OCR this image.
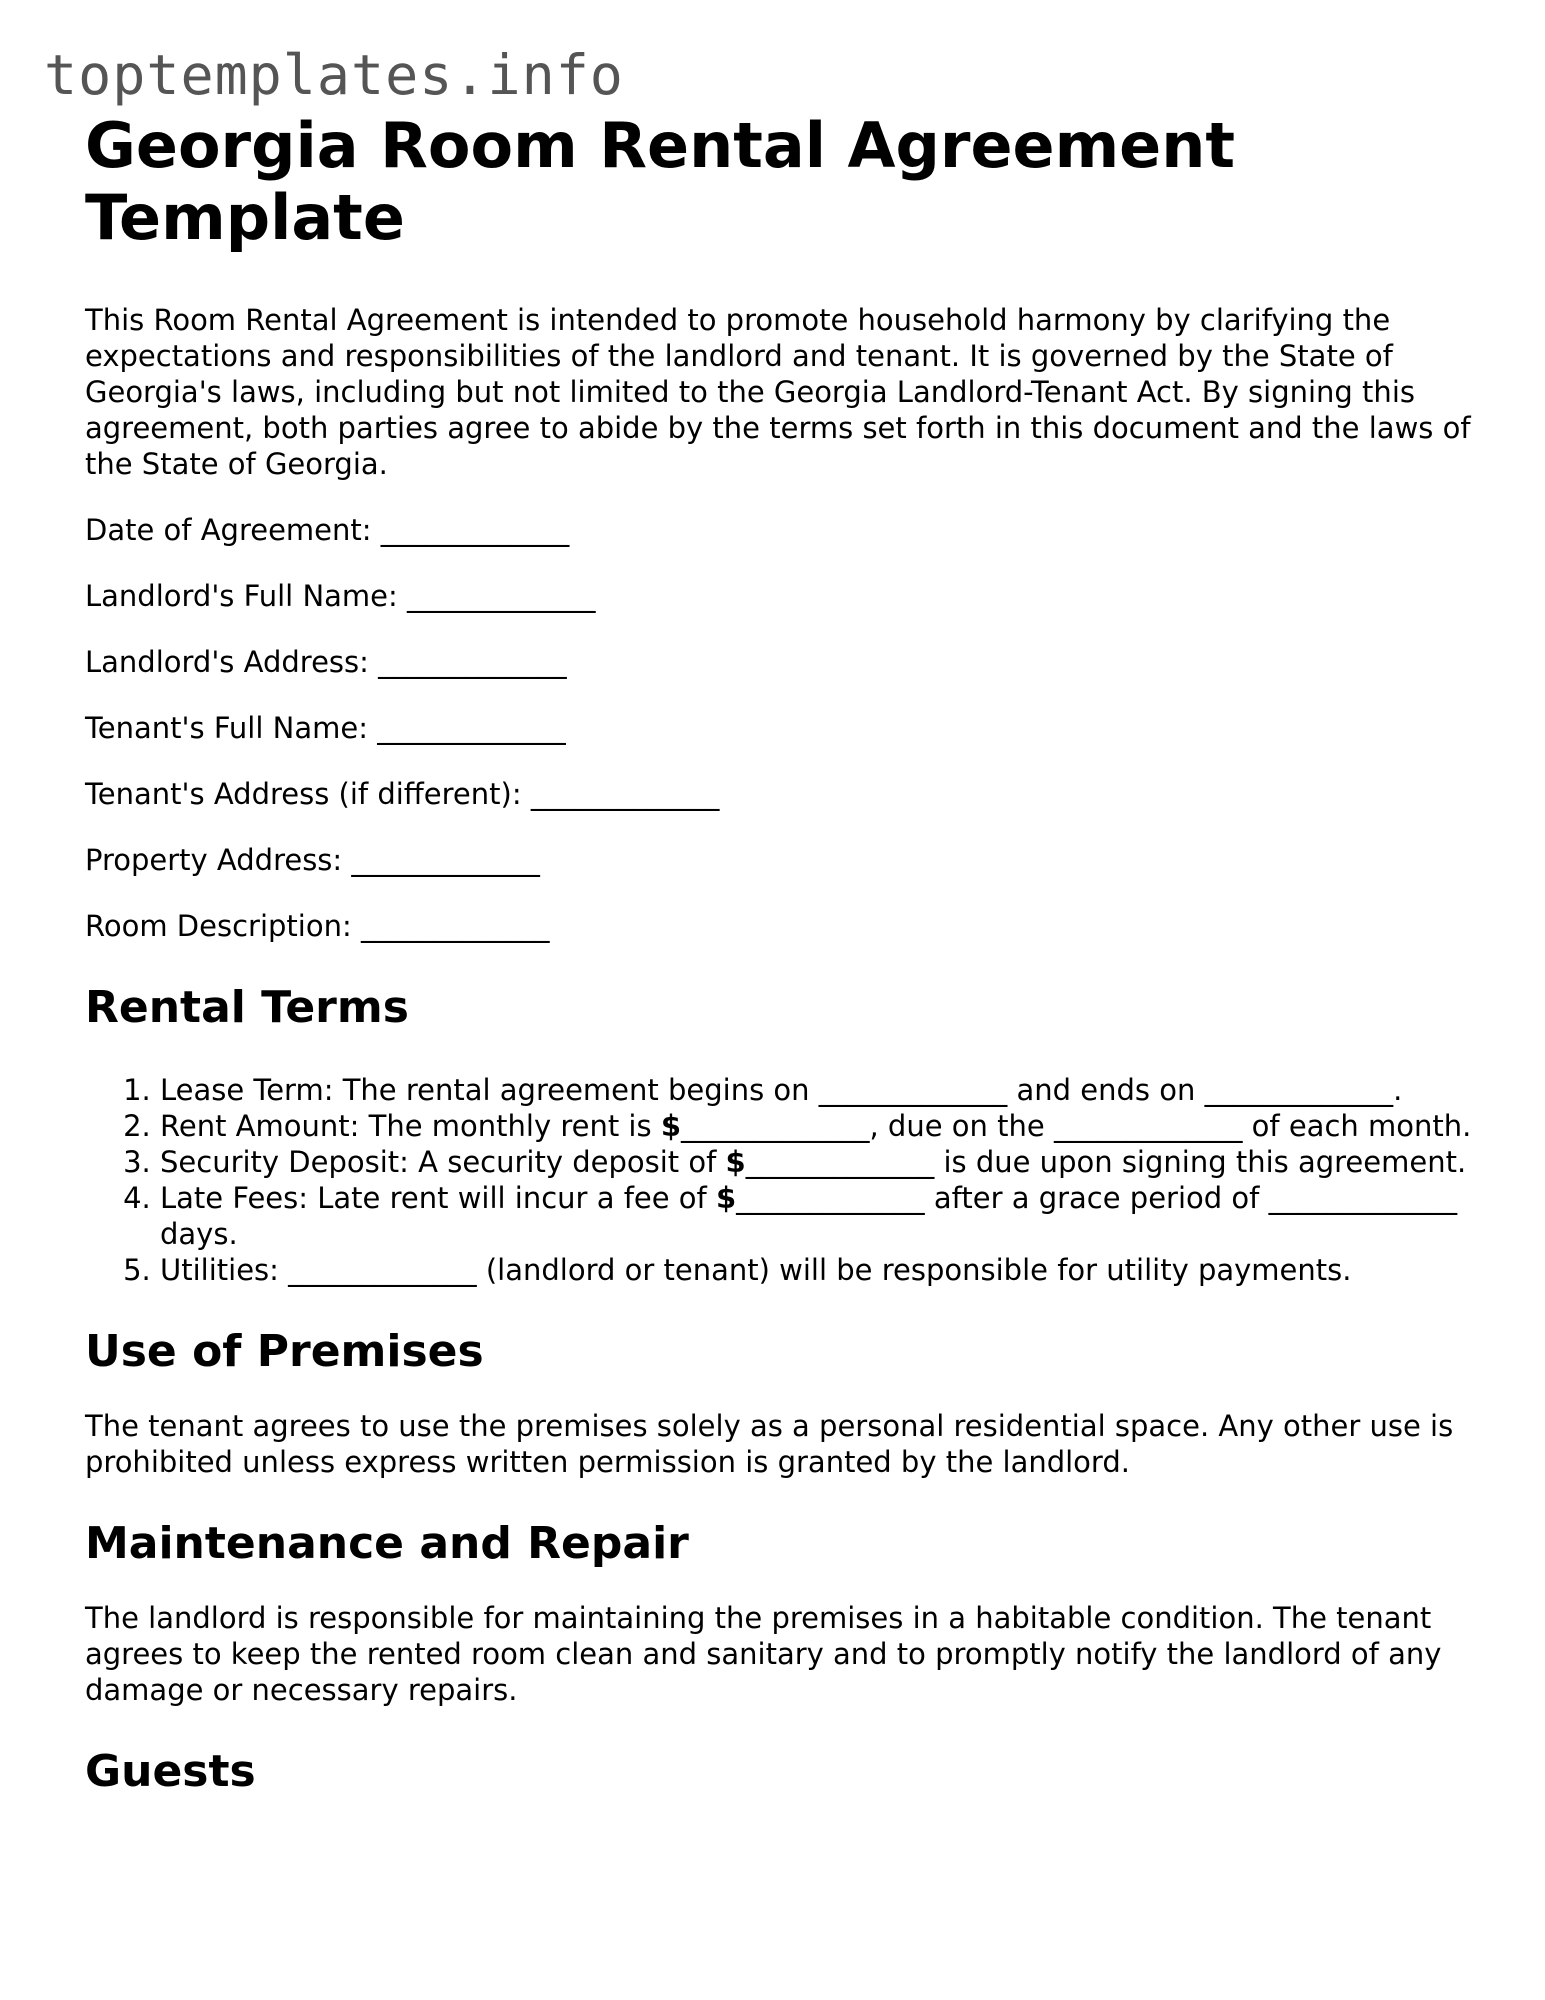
toptemplates.info
Georgia Room Rental Agreement Template

This Room Rental Agreement is intended to promote household harmony by clarifying the expectations and responsibilities of the landlord and tenant. It is governed by the State of Georgia's laws, including but not limited to the Georgia Landlord-Tenant Act. By signing this agreement, both parties agree to abide by the terms set forth in this document and the laws of the State of Georgia.

Date of Agreement: _____________

Landlord's Full Name: _____________

Landlord's Address: _____________

Tenant's Full Name: _____________

Tenant's Address (if different): _____________

Property Address: _____________

Room Description: _____________

Rental Terms
1. Lease Term: The rental agreement begins on _____________ and ends on _____________.
2. Rent Amount: The monthly rent is $_____________, due on the _____________ of each month.
3. Security Deposit: A security deposit of $_____________ is due upon signing this agreement.
4. Late Fees: Late rent will incur a fee of $_____________ after a grace period of _____________ days.
5. Utilities: _____________ (landlord or tenant) will be responsible for utility payments.
Use of Premises

The tenant agrees to use the premises solely as a personal residential space. Any other use is prohibited unless express written permission is granted by the landlord.

Maintenance and Repair

The landlord is responsible for maintaining the premises in a habitable condition. The tenant agrees to keep the rented room clean and sanitary and to promptly notify the landlord of any damage or necessary repairs.

Guests
